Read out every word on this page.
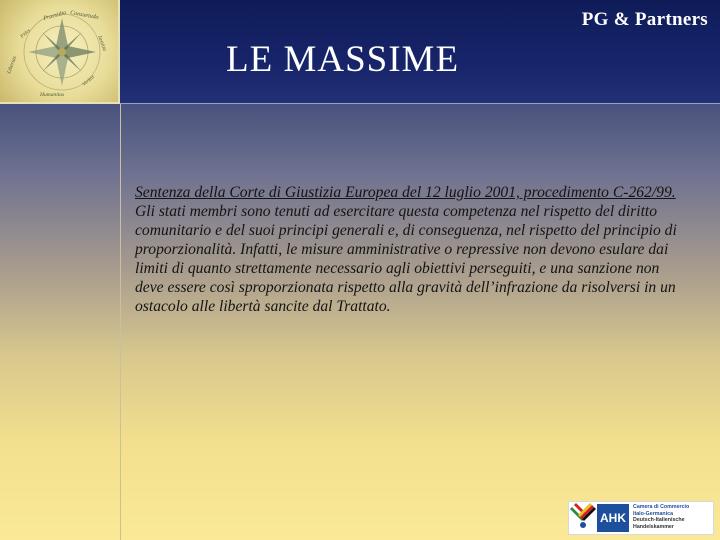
Praesidia Consuetudo
Justitia
Libertas
Humanitas
Veritas
Fides
PG & Partners
LE MASSIME
Sentenza della Corte di Giustizia Europea del 12 luglio 2001, procedimento C-262/99.
Gli stati membri sono tenuti ad esercitare questa competenza nel rispetto del diritto comunitario e del suoi principi generali e, di conseguenza, nel rispetto del principio di proporzionalità. Infatti, le misure amministrative o repressive non devono esulare dai limiti di quanto strettamente necessario agli obiettivi perseguiti, e una sanzione non deve essere così sproporzionata rispetto alla gravità dell’infrazione da risolversi in un ostacolo alle libertà sancite dal Trattato.
AHK
Camera di Commercio
Italo-Germanica
Deutsch-Italienische
Handelskammer
